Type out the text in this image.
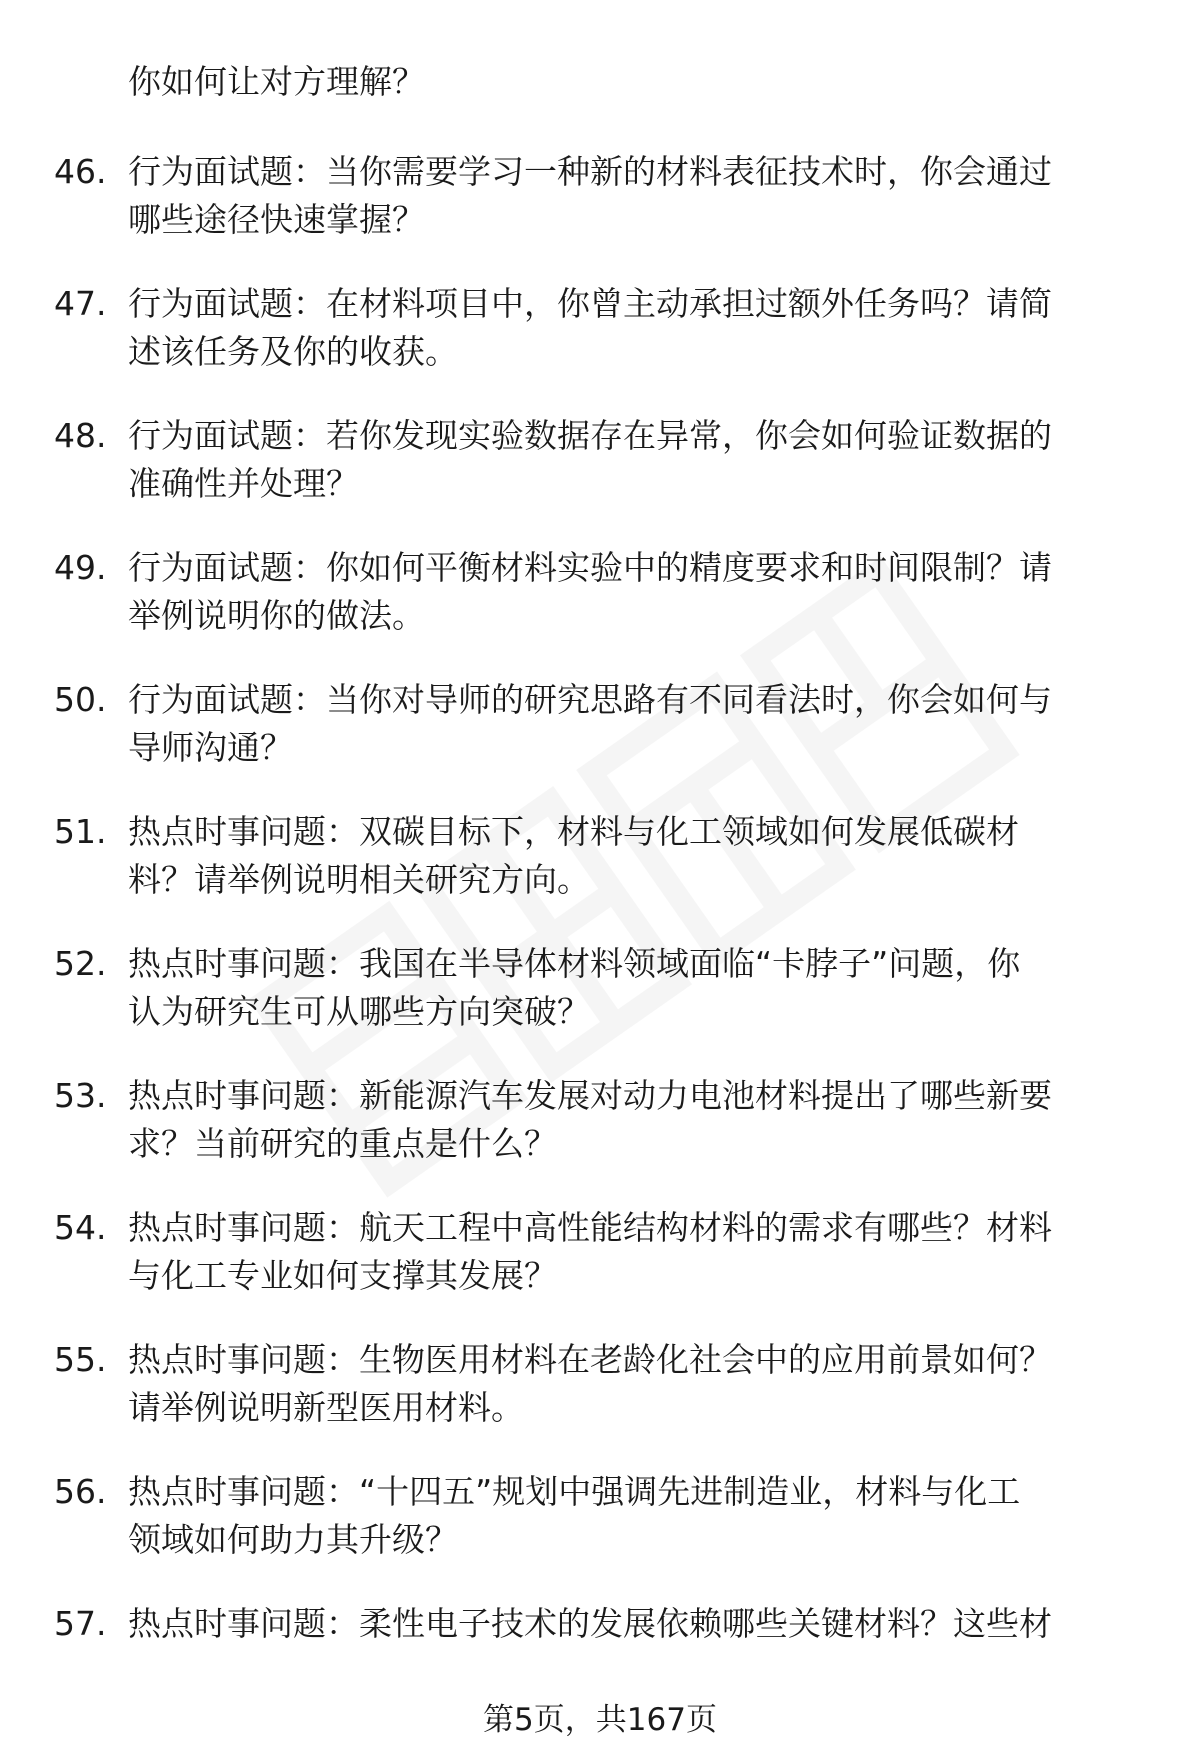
你如何让对方理解？
46. 行为面试题：当你需要学习一种新的材料表征技术时，你会通过
哪些途径快速掌握？
47. 行为面试题：在材料项目中，你曾主动承担过额外任务吗？请简
述该任务及你的收获。
48. 行为面试题：若你发现实验数据存在异常，你会如何验证数据的
准确性并处理？
49. 行为面试题：你如何平衡材料实验中的精度要求和时间限制？请
举例说明你的做法。
50. 行为面试题：当你对导师的研究思路有不同看法时，你会如何与
导师沟通？
51. 热点时事问题：双碳目标下，材料与化工领域如何发展低碳材
料？请举例说明相关研究方向。
52. 热点时事问题：我国在半导体材料领域面临“卡脖子”问题，你
认为研究生可从哪些方向突破？
53. 热点时事问题：新能源汽车发展对动力电池材料提出了哪些新要
求？当前研究的重点是什么？
54. 热点时事问题：航天工程中高性能结构材料的需求有哪些？材料
与化工专业如何支撑其发展？
55. 热点时事问题：生物医用材料在老龄化社会中的应用前景如何？
请举例说明新型医用材料。
56. 热点时事问题：“十四五”规划中强调先进制造业，材料与化工
领域如何助力其升级？
57. 热点时事问题：柔性电子技术的发展依赖哪些关键材料？这些材
第5页，共167页
